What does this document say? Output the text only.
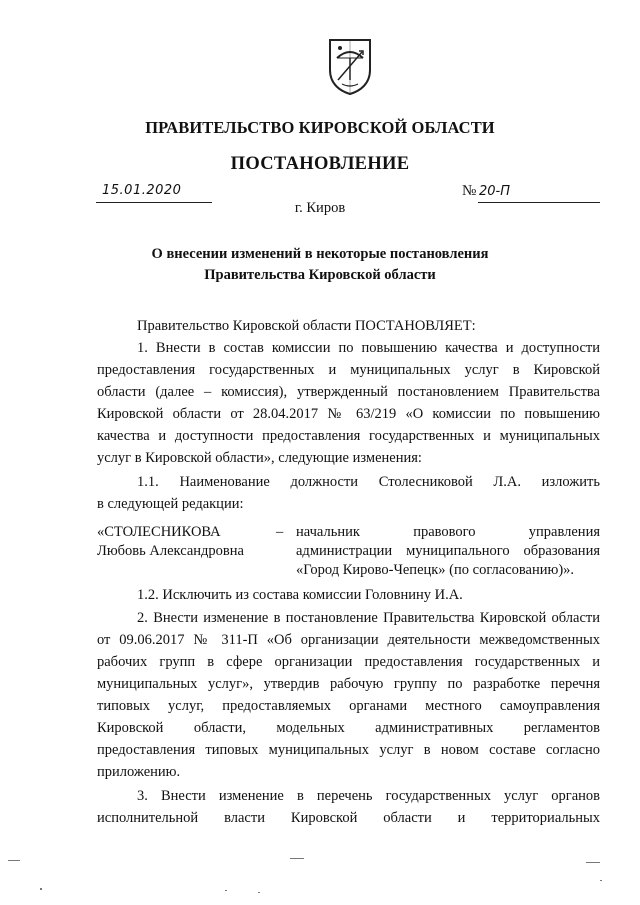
ПРАВИТЕЛЬСТВО КИРОВСКОЙ ОБЛАСТИ
ПОСТАНОВЛЕНИЕ
15.01.2020	№ 20-П
г. Киров
О внесении изменений в некоторые постановления
Правительства Кировской области
Правительство Кировской области ПОСТАНОВЛЯЕТ:
1. Внести в состав комиссии по повышению качества и доступности
предоставления государственных и муниципальных услуг в Кировской
области (далее – комиссия), утвержденный постановлением Правительства
Кировской области от 28.04.2017 № 63/219 «О комиссии по повышению
качества и доступности предоставления государственных и муниципальных
услуг в Кировской области», следующие изменения:
1.1. Наименование должности Столесниковой Л.А. изложить
в следующей редакции:
«СТОЛЕСНИКОВА
Любовь Александровна
– начальник правового управления
администрации муниципального образования
«Город Кирово-Чепецк» (по согласованию)».
1.2. Исключить из состава комиссии Головнину И.А.
2. Внести изменение в постановление Правительства Кировской области
от 09.06.2017 № 311-П «Об организации деятельности межведомственных
рабочих групп в сфере организации предоставления государственных и
муниципальных услуг», утвердив рабочую группу по разработке перечня
типовых услуг, предоставляемых органами местного самоуправления
Кировской области, модельных административных регламентов
предоставления типовых муниципальных услуг в новом составе согласно
приложению.
3. Внести изменение в перечень государственных услуг органов
исполнительной власти Кировской области и территориальных
